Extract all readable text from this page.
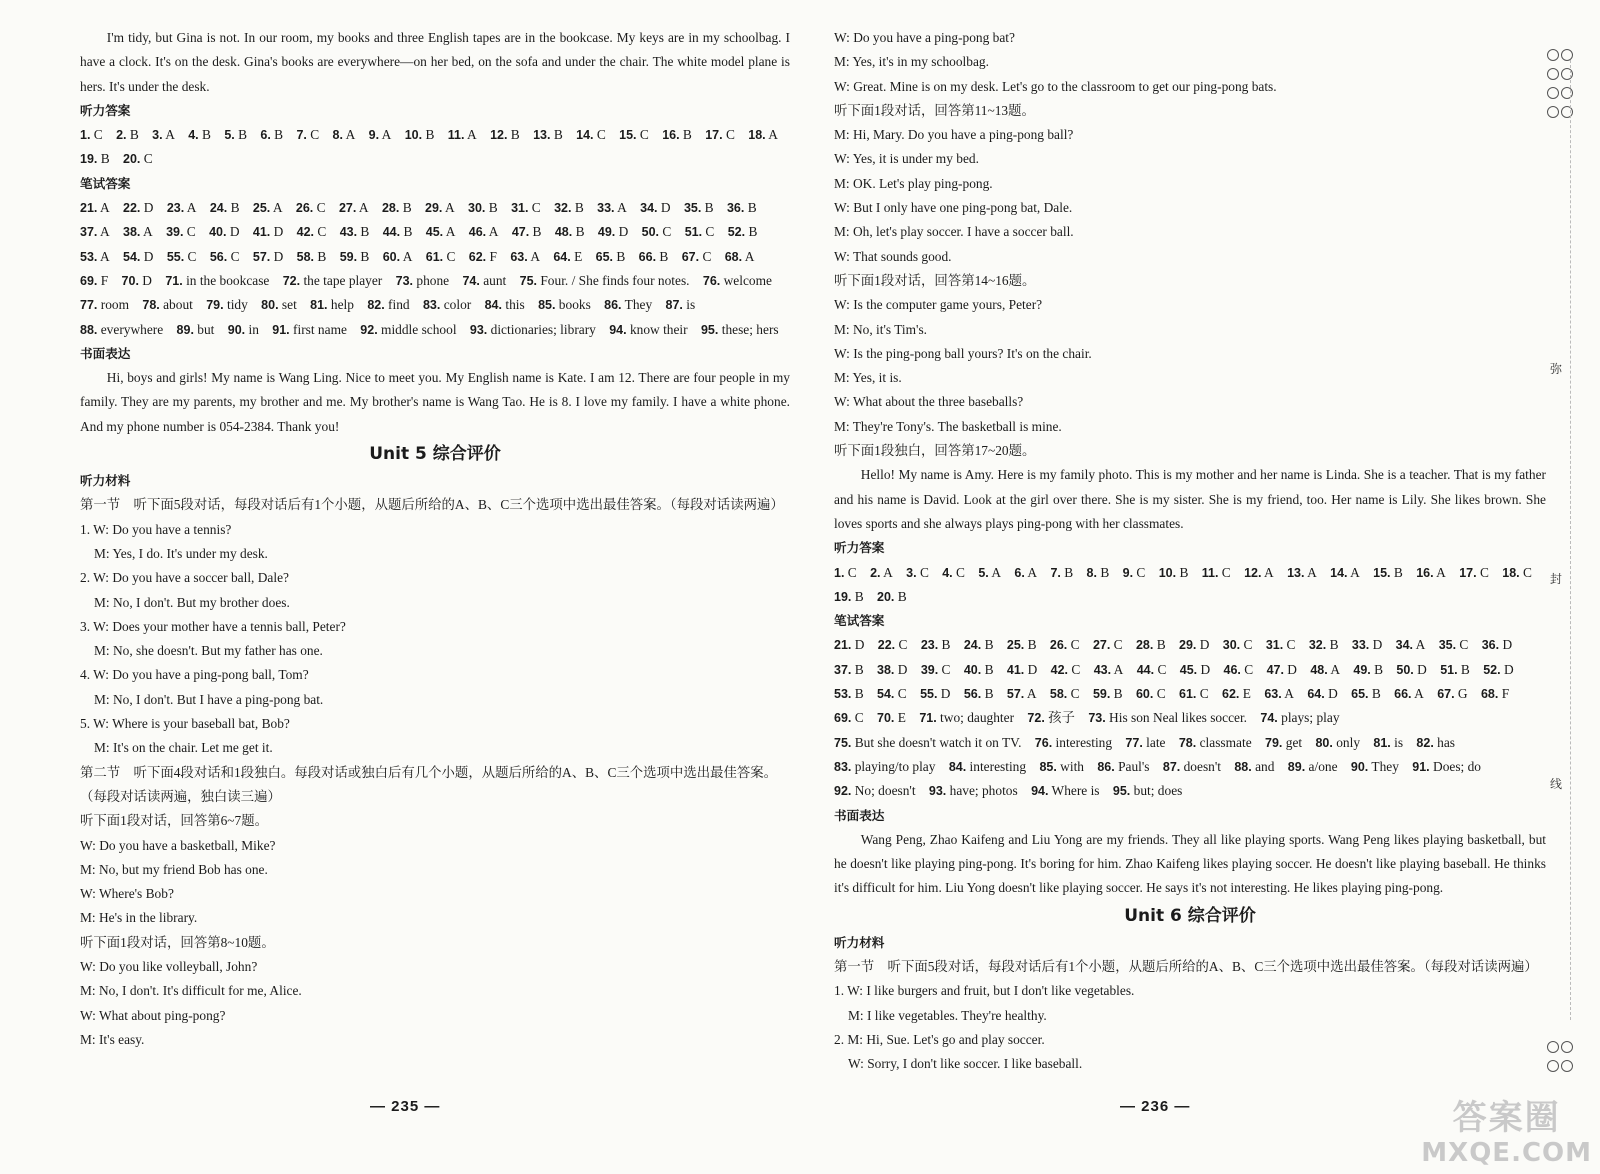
I'm tidy, but Gina is not. In our room, my books and three English tapes are in the bookcase. My keys are in my schoolbag. I have a clock. It's on the desk. Gina's books are everywhere—on her bed, on the sofa and under the chair. The white model plane is hers. It's under the desk.

听力答案

1. C 2. B 3. A 4. B 5. B 6. B 7. C 8. A 9. A 10. B 11. A 12. B 13. B 14. C 15. C 16. B 17. C 18. A 19. B 20. C

笔试答案

21. A 22. D 23. A 24. B 25. A 26. C 27. A 28. B 29. A 30. B 31. C 32. B 33. A 34. D 35. B 36. B 37. A 38. A 39. C 40. D 41. D 42. C 43. B 44. B 45. A 46. A 47. B 48. B 49. D 50. C 51. C 52. B 53. A 54. D 55. C 56. C 57. D 58. B 59. B 60. A 61. C 62. F 63. A 64. E 65. B 66. B 67. C 68. A 69. F 70. D 71. in the bookcase 72. the tape player 73. phone 74. aunt 75. Four. / She finds four notes. 76. welcome 77. room 78. about 79. tidy 80. set 81. help 82. find 83. color 84. this 85. books 86. They 87. is 88. everywhere 89. but 90. in 91. first name 92. middle school 93. dictionaries; library 94. know their 95. these; hers

书面表达

Hi, boys and girls! My name is Wang Ling. Nice to meet you. My English name is Kate. I am 12. There are four people in my family. They are my parents, my brother and me. My brother's name is Wang Tao. He is 8. I love my family. I have a white phone. And my phone number is 054-2384. Thank you!

Unit 5 综合评价

听力材料

第一节　听下面5段对话，每段对话后有1个小题，从题后所给的A、B、C三个选项中选出最佳答案。（每段对话读两遍）

1. W: Do you have a tennis?

M: Yes, I do. It's under my desk.

2. W: Do you have a soccer ball, Dale?

M: No, I don't. But my brother does.

3. W: Does your mother have a tennis ball, Peter?

M: No, she doesn't. But my father has one.

4. W: Do you have a ping-pong ball, Tom?

M: No, I don't. But I have a ping-pong bat.

5. W: Where is your baseball bat, Bob?

M: It's on the chair. Let me get it.

第二节　听下面4段对话和1段独白。每段对话或独白后有几个小题，从题后所给的A、B、C三个选项中选出最佳答案。（每段对话读两遍，独白读三遍）

听下面1段对话，回答第6~7题。

W: Do you have a basketball, Mike?

M: No, but my friend Bob has one.

W: Where's Bob?

M: He's in the library.

听下面1段对话，回答第8~10题。

W: Do you like volleyball, John?

M: No, I don't. It's difficult for me, Alice.

W: What about ping-pong?

M: It's easy.

— 235 —

W: Do you have a ping-pong bat?

M: Yes, it's in my schoolbag.

W: Great. Mine is on my desk. Let's go to the classroom to get our ping-pong bats.

听下面1段对话，回答第11~13题。

M: Hi, Mary. Do you have a ping-pong ball?

W: Yes, it is under my bed.

M: OK. Let's play ping-pong.

W: But I only have one ping-pong bat, Dale.

M: Oh, let's play soccer. I have a soccer ball.

W: That sounds good.

听下面1段对话，回答第14~16题。

W: Is the computer game yours, Peter?

M: No, it's Tim's.

W: Is the ping-pong ball yours? It's on the chair.

M: Yes, it is.

W: What about the three baseballs?

M: They're Tony's. The basketball is mine.

听下面1段独白，回答第17~20题。

Hello! My name is Amy. Here is my family photo. This is my mother and her name is Linda. She is a teacher. That is my father and his name is David. Look at the girl over there. She is my sister. She is my friend, too. Her name is Lily. She likes brown. She loves sports and she always plays ping-pong with her classmates.

听力答案

1. C 2. A 3. C 4. C 5. A 6. A 7. B 8. B 9. C 10. B 11. C 12. A 13. A 14. A 15. B 16. A 17. C 18. C 19. B 20. B

笔试答案

21. D 22. C 23. B 24. B 25. B 26. C 27. C 28. B 29. D 30. C 31. C 32. B 33. D 34. A 35. C 36. D 37. B 38. D 39. C 40. B 41. D 42. C 43. A 44. C 45. D 46. C 47. D 48. A 49. B 50. D 51. B 52. D 53. B 54. C 55. D 56. B 57. A 58. C 59. B 60. C 61. C 62. E 63. A 64. D 65. B 66. A 67. G 68. F 69. C 70. E 71. two; daughter 72. 孩子 73. His son Neal likes soccer. 74. plays; play 75. But she doesn't watch it on TV. 76. interesting 77. late 78. classmate 79. get 80. only 81. is 82. has 83. playing/to play 84. interesting 85. with 86. Paul's 87. doesn't 88. and 89. a/one 90. They 91. Does; do 92. No; doesn't 93. have; photos 94. Where is 95. but; does

书面表达

Wang Peng, Zhao Kaifeng and Liu Yong are my friends. They all like playing sports. Wang Peng likes playing basketball, but he doesn't like playing ping-pong. It's boring for him. Zhao Kaifeng likes playing soccer. He doesn't like playing baseball. He thinks it's difficult for him. Liu Yong doesn't like playing soccer. He says it's not interesting. He likes playing ping-pong.

Unit 6 综合评价

听力材料

第一节　听下面5段对话，每段对话后有1个小题，从题后所给的A、B、C三个选项中选出最佳答案。（每段对话读两遍）

1. W: I like burgers and fruit, but I don't like vegetables.

M: I like vegetables. They're healthy.

2. M: Hi, Sue. Let's go and play soccer.

W: Sorry, I don't like soccer. I like baseball.

— 236 —

弥
封
线

答案圈
MXQE.COM
